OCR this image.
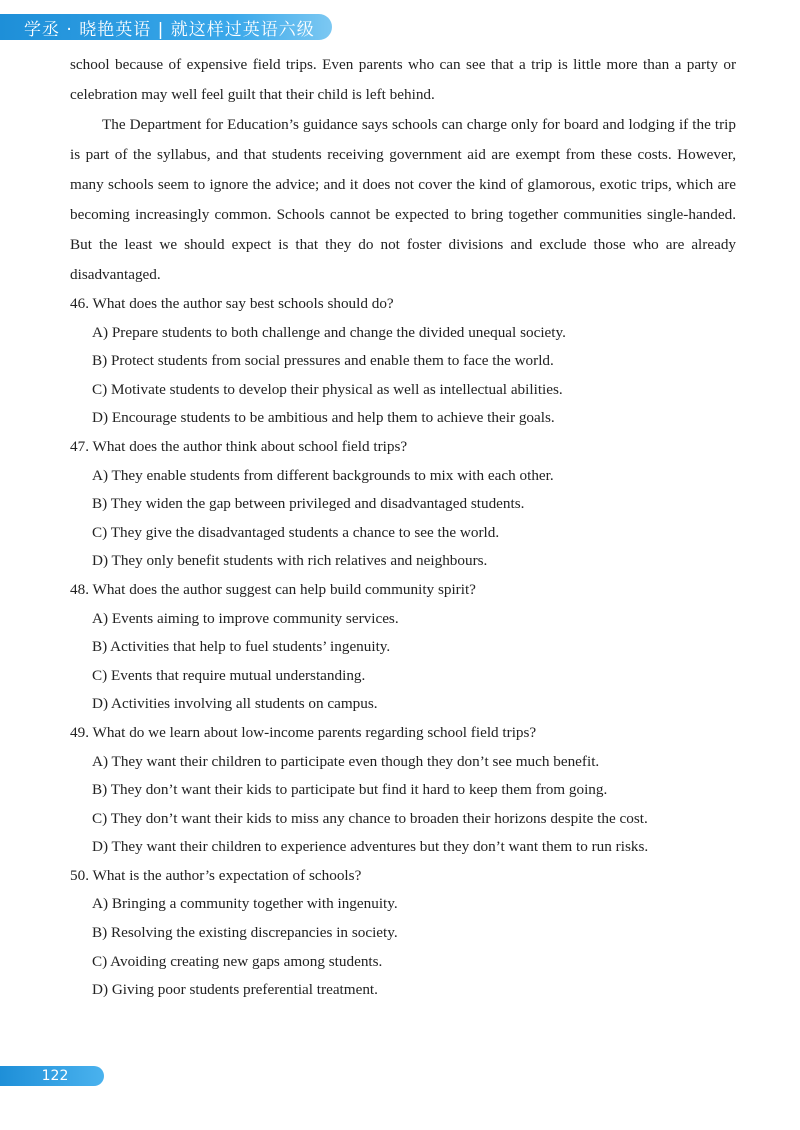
学丞 · 晓艳英语 | 就这样过英语六级

school because of expensive field trips. Even parents who can see that a trip is little more than a party or celebration may well feel guilt that their child is left behind.

The Department for Education’s guidance says schools can charge only for board and lodging if the trip is part of the syllabus, and that students receiving government aid are exempt from these costs. However, many schools seem to ignore the advice; and it does not cover the kind of glamorous, exotic trips, which are becoming increasingly common. Schools cannot be expected to bring together communities single-handed. But the least we should expect is that they do not foster divisions and exclude those who are already disadvantaged.

46. What does the author say best schools should do?

A) Prepare students to both challenge and change the divided unequal society.

B) Protect students from social pressures and enable them to face the world.

C) Motivate students to develop their physical as well as intellectual abilities.

D) Encourage students to be ambitious and help them to achieve their goals.

47. What does the author think about school field trips?

A) They enable students from different backgrounds to mix with each other.

B) They widen the gap between privileged and disadvantaged students.

C) They give the disadvantaged students a chance to see the world.

D) They only benefit students with rich relatives and neighbours.

48. What does the author suggest can help build community spirit?

A) Events aiming to improve community services.

B) Activities that help to fuel students’ ingenuity.

C) Events that require mutual understanding.

D) Activities involving all students on campus.

49. What do we learn about low-income parents regarding school field trips?

A) They want their children to participate even though they don’t see much benefit.

B) They don’t want their kids to participate but find it hard to keep them from going.

C) They don’t want their kids to miss any chance to broaden their horizons despite the cost.

D) They want their children to experience adventures but they don’t want them to run risks.

50. What is the author’s expectation of schools?

A) Bringing a community together with ingenuity.

B) Resolving the existing discrepancies in society.

C) Avoiding creating new gaps among students.

D) Giving poor students preferential treatment.

122
